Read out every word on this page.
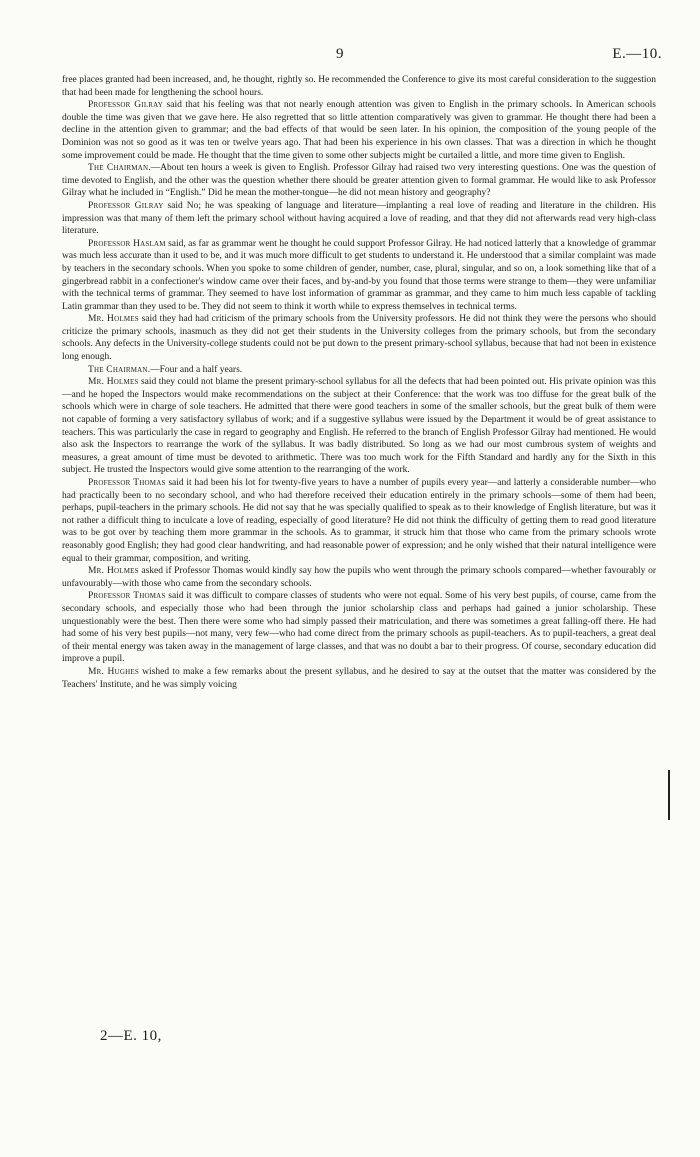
9	E.—10.

free places granted had been increased, and, he thought, rightly so. He recommended the Conference to give its most careful consideration to the suggestion that had been made for lengthening the school hours.

Professor Gilray said that his feeling was that not nearly enough attention was given to English in the primary schools. In American schools double the time was given that we gave here. He also regretted that so little attention comparatively was given to grammar. He thought there had been a decline in the attention given to grammar; and the bad effects of that would be seen later. In his opinion, the composition of the young people of the Dominion was not so good as it was ten or twelve years ago. That had been his experience in his own classes. That was a direction in which he thought some improvement could be made. He thought that the time given to some other subjects might be curtailed a little, and more time given to English.

The Chairman.—About ten hours a week is given to English. Professor Gilray had raised two very interesting questions. One was the question of time devoted to English, and the other was the question whether there should be greater attention given to formal grammar. He would like to ask Professor Gilray what he included in “English.” Did he mean the mother-tongue—he did not mean history and geography?

Professor Gilray said No; he was speaking of language and literature—implanting a real love of reading and literature in the children. His impression was that many of them left the primary school without having acquired a love of reading, and that they did not afterwards read very high-class literature.

Professor Haslam said, as far as grammar went he thought he could support Professor Gilray. He had noticed latterly that a knowledge of grammar was much less accurate than it used to be, and it was much more difficult to get students to understand it. He understood that a similar complaint was made by teachers in the secondary schools. When you spoke to some children of gender, number, case, plural, singular, and so on, a look something like that of a gingerbread rabbit in a confectioner's window came over their faces, and by-and-by you found that those terms were strange to them—they were unfamiliar with the technical terms of grammar. They seemed to have lost information of grammar as grammar, and they came to him much less capable of tackling Latin grammar than they used to be. They did not seem to think it worth while to express themselves in technical terms.

Mr. Holmes said they had had criticism of the primary schools from the University professors. He did not think they were the persons who should criticize the primary schools, inasmuch as they did not get their students in the University colleges from the primary schools, but from the secondary schools. Any defects in the University-college students could not be put down to the present primary-school syllabus, because that had not been in existence long enough.

The Chairman.—Four and a half years.

Mr. Holmes said they could not blame the present primary-school syllabus for all the defects that had been pointed out. His private opinion was this—and he hoped the Inspectors would make recommendations on the subject at their Conference: that the work was too diffuse for the great bulk of the schools which were in charge of sole teachers. He admitted that there were good teachers in some of the smaller schools, but the great bulk of them were not capable of forming a very satisfactory syllabus of work; and if a suggestive syllabus were issued by the Department it would be of great assistance to teachers. This was particularly the case in regard to geography and English. He referred to the branch of English Professor Gilray had mentioned. He would also ask the Inspectors to rearrange the work of the syllabus. It was badly distributed. So long as we had our most cumbrous system of weights and measures, a great amount of time must be devoted to arithmetic. There was too much work for the Fifth Standard and hardly any for the Sixth in this subject. He trusted the Inspectors would give some attention to the rearranging of the work.

Professor Thomas said it had been his lot for twenty-five years to have a number of pupils every year—and latterly a considerable number—who had practically been to no secondary school, and who had therefore received their education entirely in the primary schools—some of them had been, perhaps, pupil-teachers in the primary schools. He did not say that he was specially qualified to speak as to their knowledge of English literature, but was it not rather a difficult thing to inculcate a love of reading, especially of good literature? He did not think the difficulty of getting them to read good literature was to be got over by teaching them more grammar in the schools. As to grammar, it struck him that those who came from the primary schools wrote reasonably good English; they had good clear handwriting, and had reasonable power of expression; and he only wished that their natural intelligence were equal to their grammar, composition, and writing.

Mr. Holmes asked if Professor Thomas would kindly say how the pupils who went through the primary schools compared—whether favourably or unfavourably—with those who came from the secondary schools.

Professor Thomas said it was difficult to compare classes of students who were not equal. Some of his very best pupils, of course, came from the secondary schools, and especially those who had been through the junior scholarship class and perhaps had gained a junior scholarship. These unquestionably were the best. Then there were some who had simply passed their matriculation, and there was sometimes a great falling-off there. He had had some of his very best pupils—not many, very few—who had come direct from the primary schools as pupil-teachers. As to pupil-teachers, a great deal of their mental energy was taken away in the management of large classes, and that was no doubt a bar to their progress. Of course, secondary education did improve a pupil.

Mr. Hughes wished to make a few remarks about the present syllabus, and he desired to say at the outset that the matter was considered by the Teachers' Institute, and he was simply voicing

2—E. 10,
